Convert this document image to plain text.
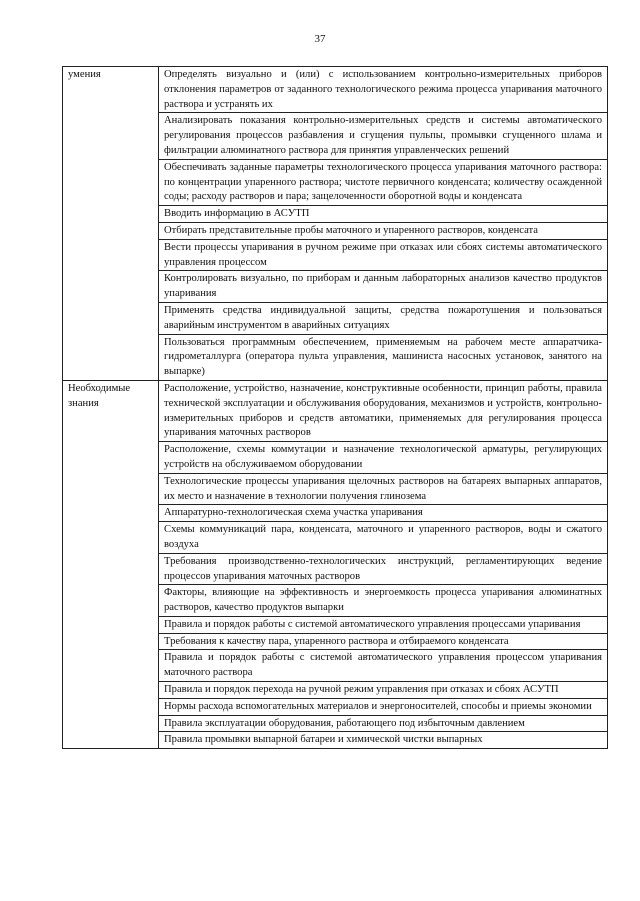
37
умения	Определять визуально и (или) с использованием контрольно-измерительных приборов отклонения параметров от заданного технологического режима процесса упаривания маточного раствора и устранять их
	Анализировать показания контрольно-измерительных средств и системы автоматического регулирования процессов разбавления и сгущения пульпы, промывки сгущенного шлама и фильтрации алюминатного раствора для принятия управленческих решений
	Обеспечивать заданные параметры технологического процесса упаривания маточного раствора: по концентрации упаренного раствора; чистоте первичного конденсата; количеству осажденной соды; расходу растворов и пара; защелоченности оборотной воды и конденсата
	Вводить информацию в АСУТП
	Отбирать представительные пробы маточного и упаренного растворов, конденсата
	Вести процессы упаривания в ручном режиме при отказах или сбоях системы автоматического управления процессом
	Контролировать визуально, по приборам и данным лабораторных анализов качество продуктов упаривания
	Применять средства индивидуальной защиты, средства пожаротушения и пользоваться аварийным инструментом в аварийных ситуациях
	Пользоваться программным обеспечением, применяемым на рабочем месте аппаратчика-гидрометаллурга (оператора пульта управления, машиниста насосных установок, занятого на выпарке)
Необходимые знания	Расположение, устройство, назначение, конструктивные особенности, принцип работы, правила технической эксплуатации и обслуживания оборудования, механизмов и устройств, контрольно-измерительных приборов и средств автоматики, применяемых для регулирования процесса упаривания маточных растворов
	Расположение, схемы коммутации и назначение технологической арматуры, регулирующих устройств на обслуживаемом оборудовании
	Технологические процессы упаривания щелочных растворов на батареях выпарных аппаратов, их место и назначение в технологии получения глинозема
	Аппаратурно-технологическая схема участка упаривания
	Схемы коммуникаций пара, конденсата, маточного и упаренного растворов, воды и сжатого воздуха
	Требования производственно-технологических инструкций, регламентирующих ведение процессов упаривания маточных растворов
	Факторы, влияющие на эффективность и энергоемкость процесса упаривания алюминатных растворов, качество продуктов выпарки
	Правила и порядок работы с системой автоматического управления процессами упаривания
	Требования к качеству пара, упаренного раствора и отбираемого конденсата
	Правила и порядок работы с системой автоматического управления процессом упаривания маточного раствора
	Правила и порядок перехода на ручной режим управления при отказах и сбоях АСУТП
	Нормы расхода вспомогательных материалов и энергоносителей, способы и приемы экономии
	Правила эксплуатации оборудования, работающего под избыточным давлением
	Правила промывки выпарной батареи и химической чистки выпарных
